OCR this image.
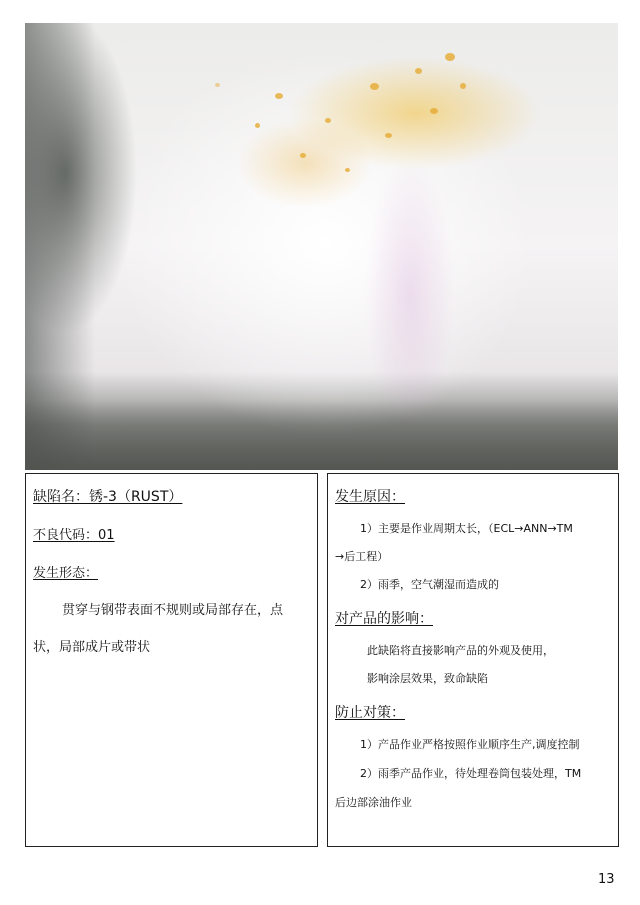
缺陷名：锈-3（RUST）
不良代码：01
发生形态：
贯穿与钢带表面不规则或局部存在，点
状，局部成片或带状
发生原因：
1）主要是作业周期太长，（ECL→ANN→TM
→后工程）
2）雨季，空气潮湿而造成的
对产品的影响：
此缺陷将直接影响产品的外观及使用，
影响涂层效果，致命缺陷
防止对策：
1）产品作业严格按照作业顺序生产,调度控制
2）雨季产品作业，待处理卷筒包装处理，TM
后边部涂油作业
13
